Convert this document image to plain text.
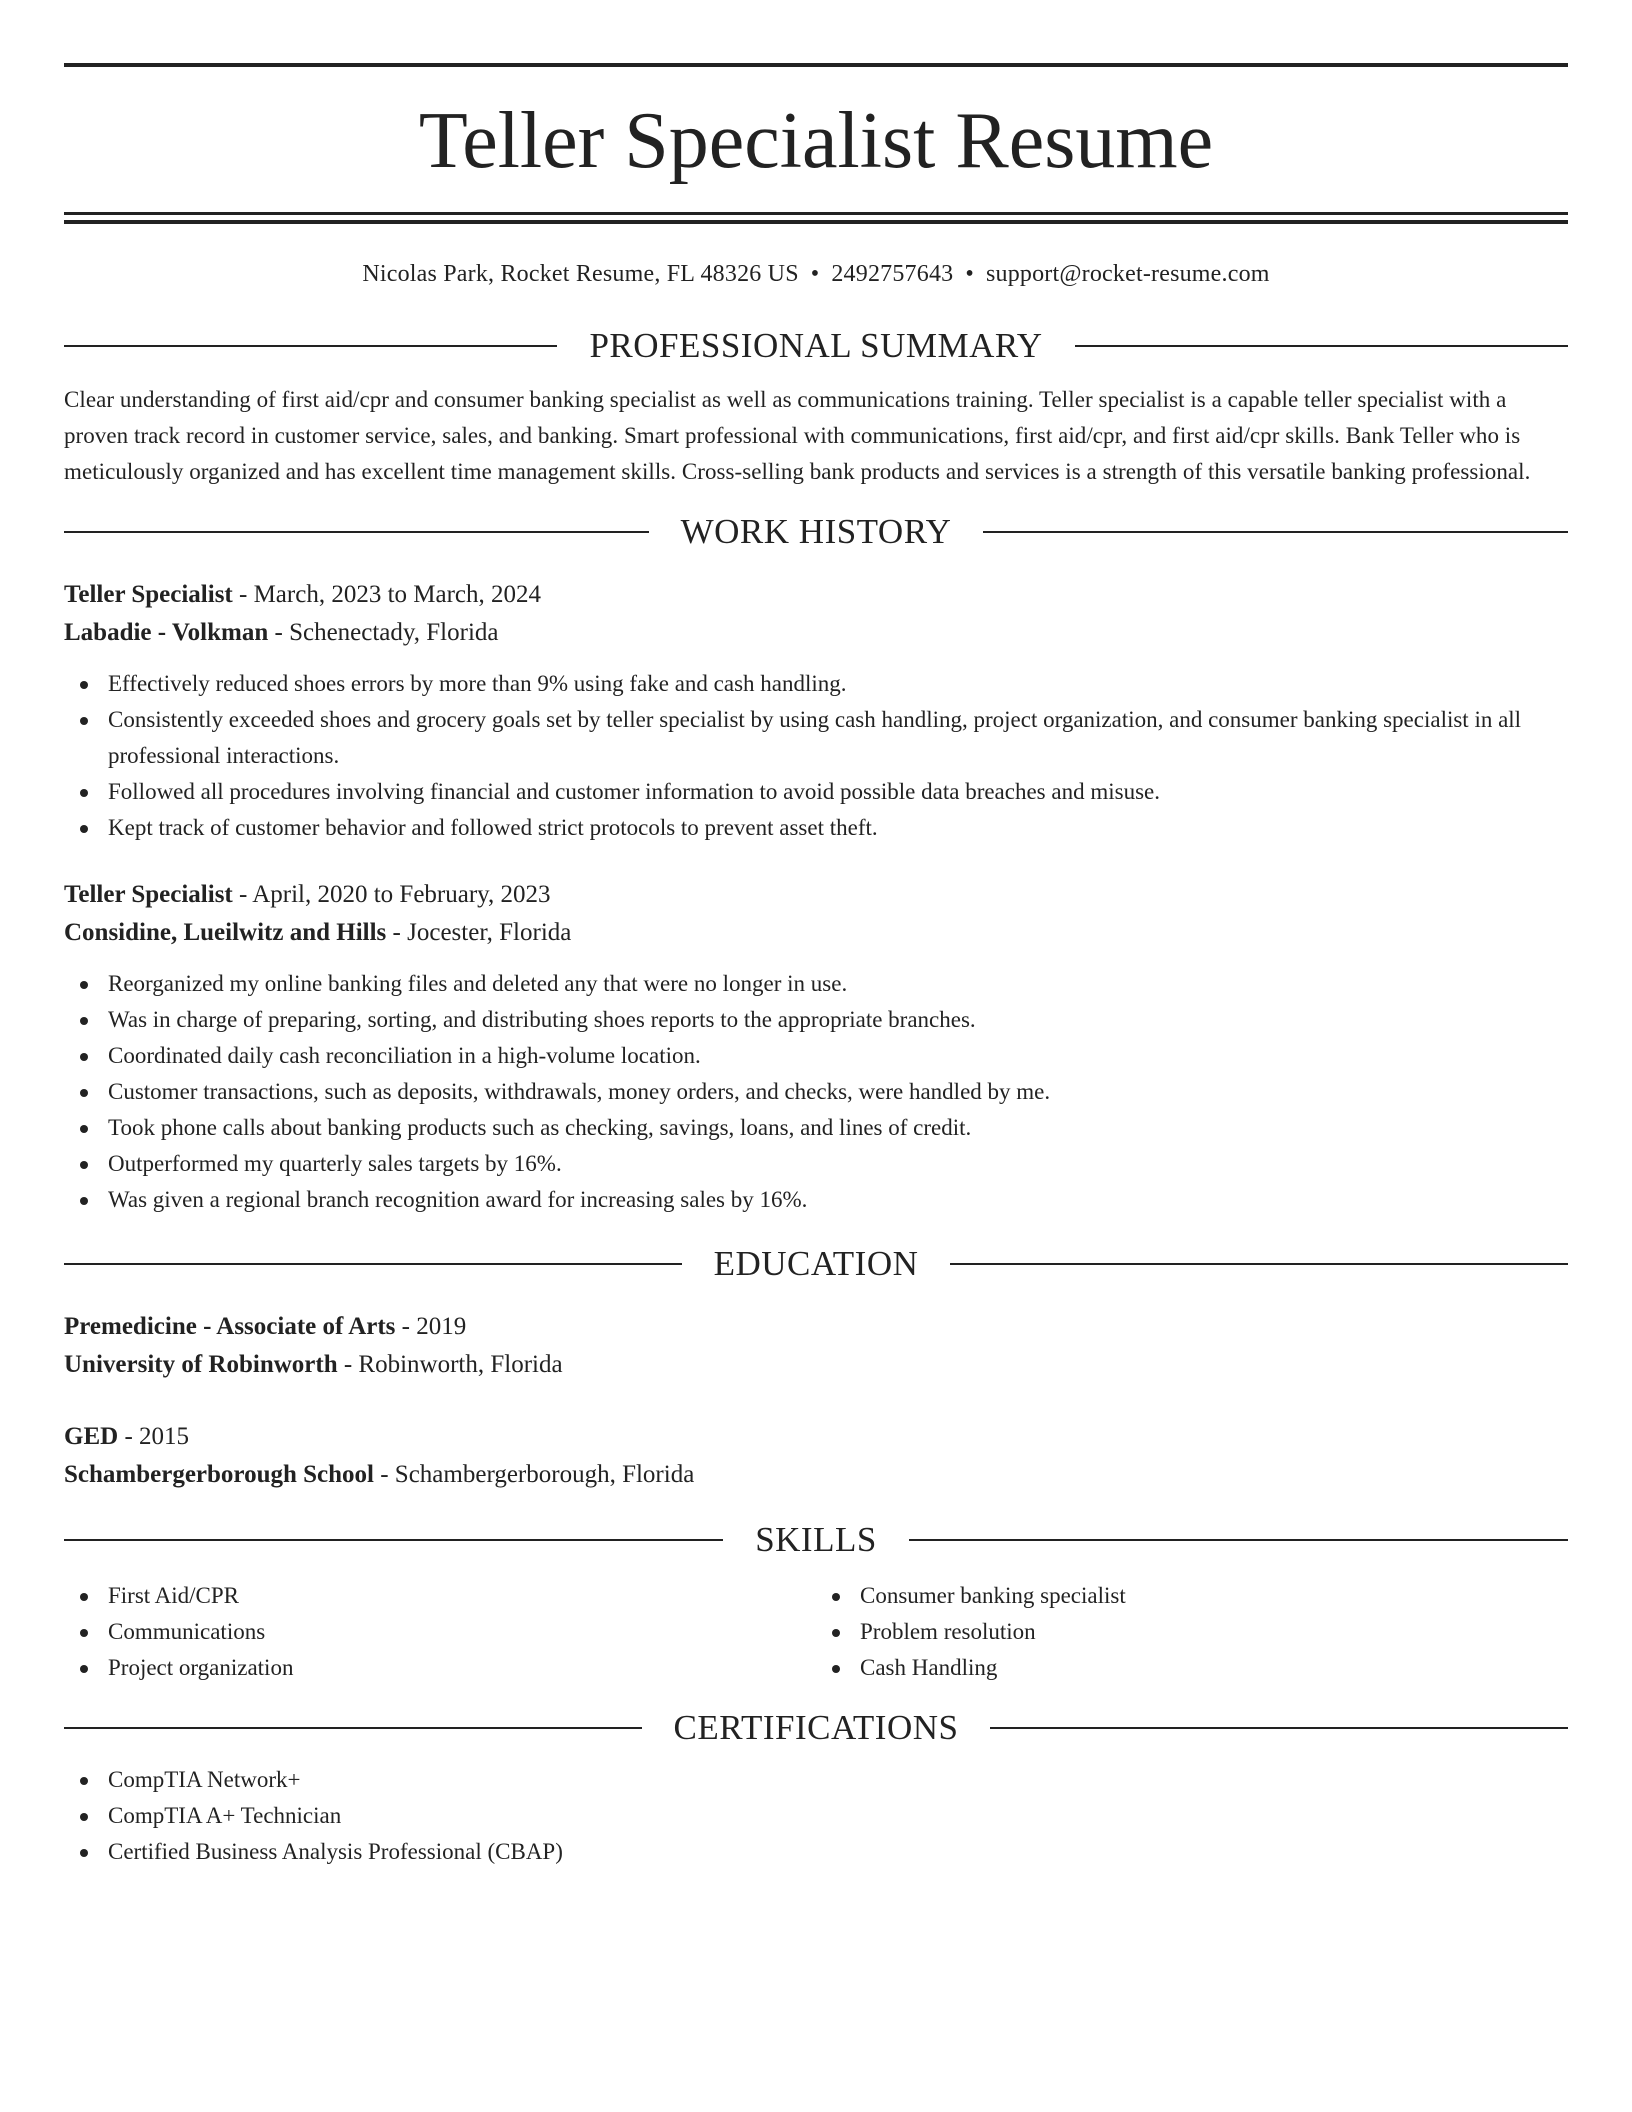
Teller Specialist Resume
Nicolas Park, Rocket Resume, FL 48326 US • 2492757643 • support@rocket-resume.com
PROFESSIONAL SUMMARY

Clear understanding of first aid/cpr and consumer banking specialist as well as communications training. Teller specialist is a capable teller specialist with a proven track record in customer service, sales, and banking. Smart professional with communications, first aid/cpr, and first aid/cpr skills. Bank Teller who is meticulously organized and has excellent time management skills. Cross-selling bank products and services is a strength of this versatile banking professional.

WORK HISTORY
Teller Specialist - March, 2023 to March, 2024
Labadie - Volkman - Schenectady, Florida
Effectively reduced shoes errors by more than 9% using fake and cash handling.
Consistently exceeded shoes and grocery goals set by teller specialist by using cash handling, project organization, and consumer banking specialist in all professional interactions.
Followed all procedures involving financial and customer information to avoid possible data breaches and misuse.
Kept track of customer behavior and followed strict protocols to prevent asset theft.
Teller Specialist - April, 2020 to February, 2023
Considine, Lueilwitz and Hills - Jocester, Florida
Reorganized my online banking files and deleted any that were no longer in use.
Was in charge of preparing, sorting, and distributing shoes reports to the appropriate branches.
Coordinated daily cash reconciliation in a high-volume location.
Customer transactions, such as deposits, withdrawals, money orders, and checks, were handled by me.
Took phone calls about banking products such as checking, savings, loans, and lines of credit.
Outperformed my quarterly sales targets by 16%.
Was given a regional branch recognition award for increasing sales by 16%.
EDUCATION
Premedicine - Associate of Arts - 2019
University of Robinworth - Robinworth, Florida
GED - 2015
Schambergerborough School - Schambergerborough, Florida
SKILLS
First Aid/CPR
Communications
Project organization
Consumer banking specialist
Problem resolution
Cash Handling
CERTIFICATIONS
CompTIA Network+
CompTIA A+ Technician
Certified Business Analysis Professional (CBAP)
